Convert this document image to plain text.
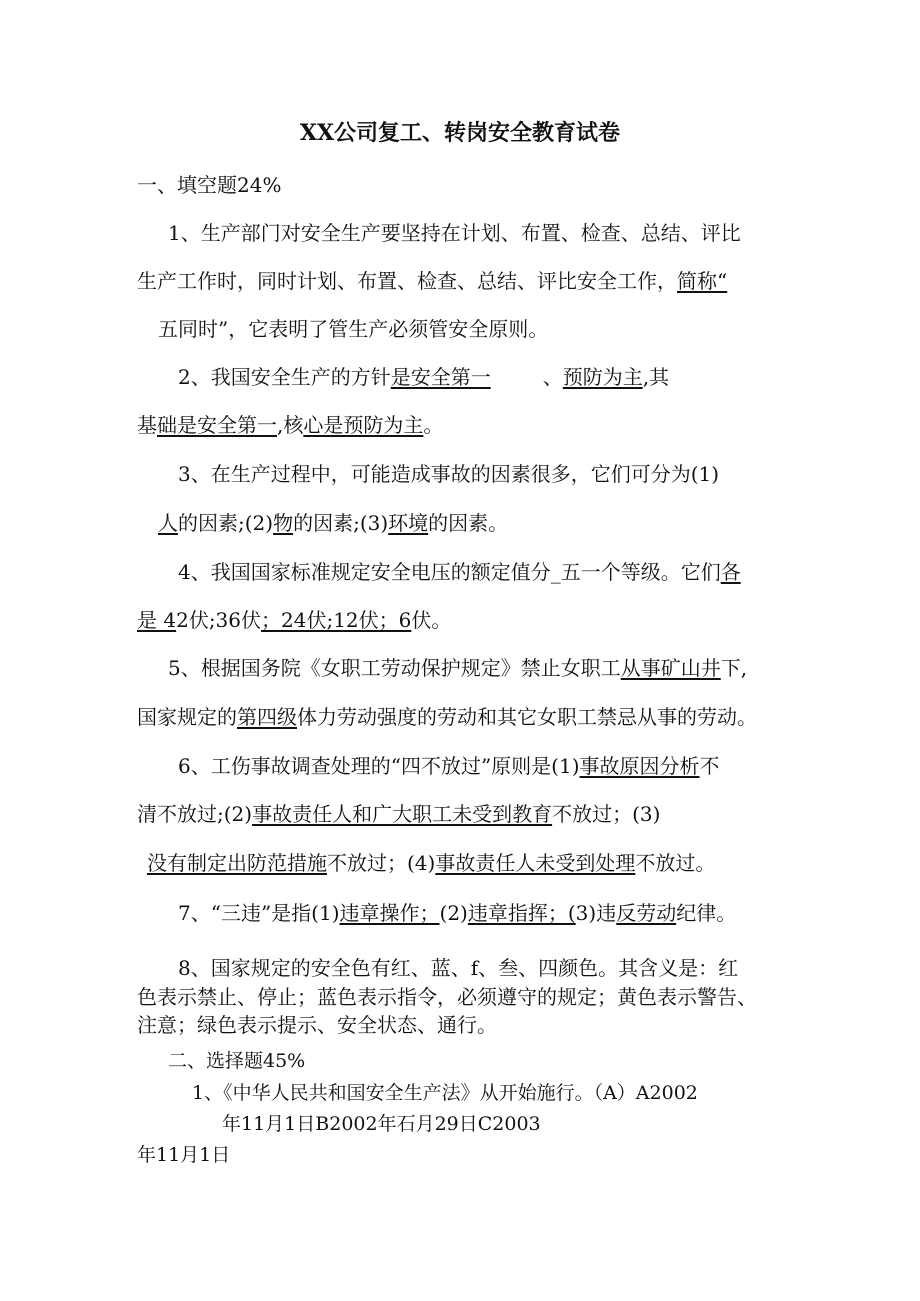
XX公司复工、转岗安全教育试卷
一、填空题24%
1、生产部门对安全生产要坚持在计划、布置、检查、总结、评比
生产工作时，同时计划、布置、检查、总结、评比安全工作，简称“
五同时”，它表明了管生产必须管安全原则。
2、我国安全生产的方针是安全第一	、预防为主,其
基础是安全第一,核心是预防为主。
3、在生产过程中，可能造成事故的因素很多，它们可分为(1)
人的因素;(2)物的因素;(3)环境的因素。
4、我国国家标准规定安全电压的额定值分_五一个等级。它们各
是 42伏;36伏；24伏;12伏；6伏。
5、根据国务院《女职工劳动保护规定》禁止女职工从事矿山井下,
国家规定的第四级体力劳动强度的劳动和其它女职工禁忌从事的劳动。
6、工伤事故调查处理的“四不放过”原则是(1)事故原因分析不
清不放过;(2)事故责任人和广大职工未受到教育不放过；(3)
没有制定出防范措施不放过；(4)事故责任人未受到处理不放过。
7、“三违”是指(1)违章操作；(2)违章指挥；(3)违反劳动纪律。
8、国家规定的安全色有红、蓝、f、叁、四颜色。其含义是：红
色表示禁止、停止；蓝色表示指令，必须遵守的规定；黄色表示警告、
注意；绿色表示提示、安全状态、通行。
二、选择题45%
1、《中华人民共和国安全生产法》从开始施行。（A）A2002
年11月1日B2002年石月29日C2003
年11月1日
